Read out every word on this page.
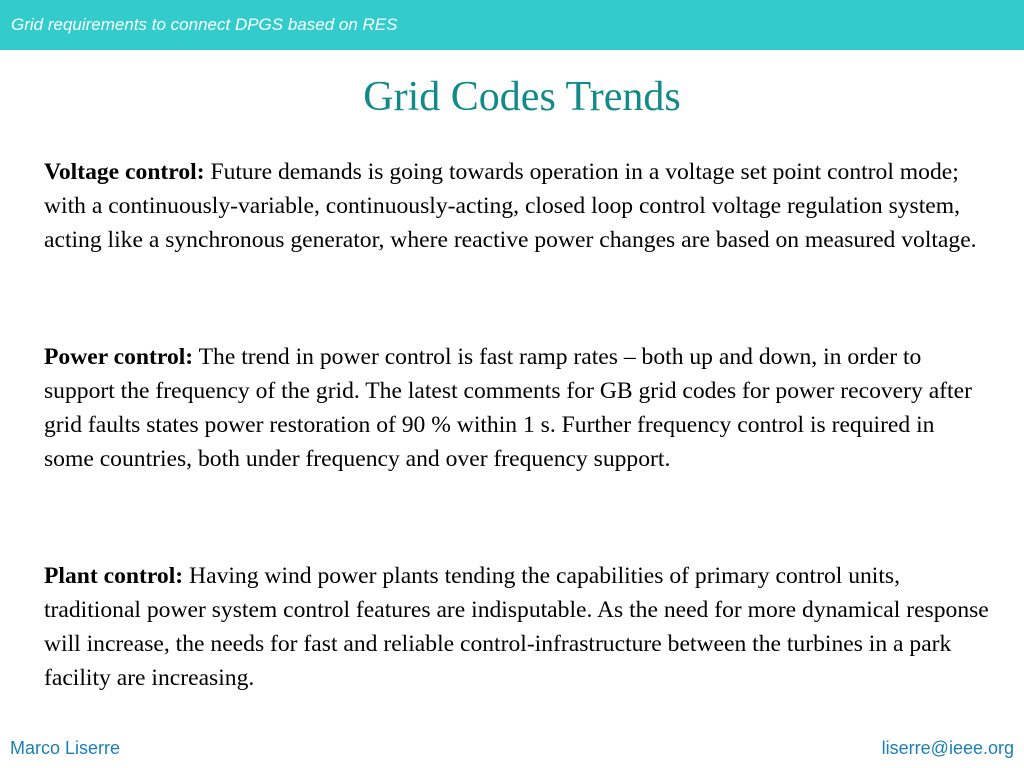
Grid requirements to connect DPGS based on RES
Grid Codes Trends

Voltage control: Future demands is going towards operation in a voltage set point control mode; with a continuously-variable, continuously-acting, closed loop control voltage regulation system, acting like a synchronous generator, where reactive power changes are based on measured voltage.

Power control: The trend in power control is fast ramp rates – both up and down, in order to support the frequency of the grid. The latest comments for GB grid codes for power recovery after grid faults states power restoration of 90 % within 1 s. Further frequency control is required in some countries, both under frequency and over frequency support.

Plant control: Having wind power plants tending the capabilities of primary control units, traditional power system control features are indisputable. As the need for more dynamical response will increase, the needs for fast and reliable control-infrastructure between the turbines in a park facility are increasing.

Marco Liserre	liserre@ieee.org
